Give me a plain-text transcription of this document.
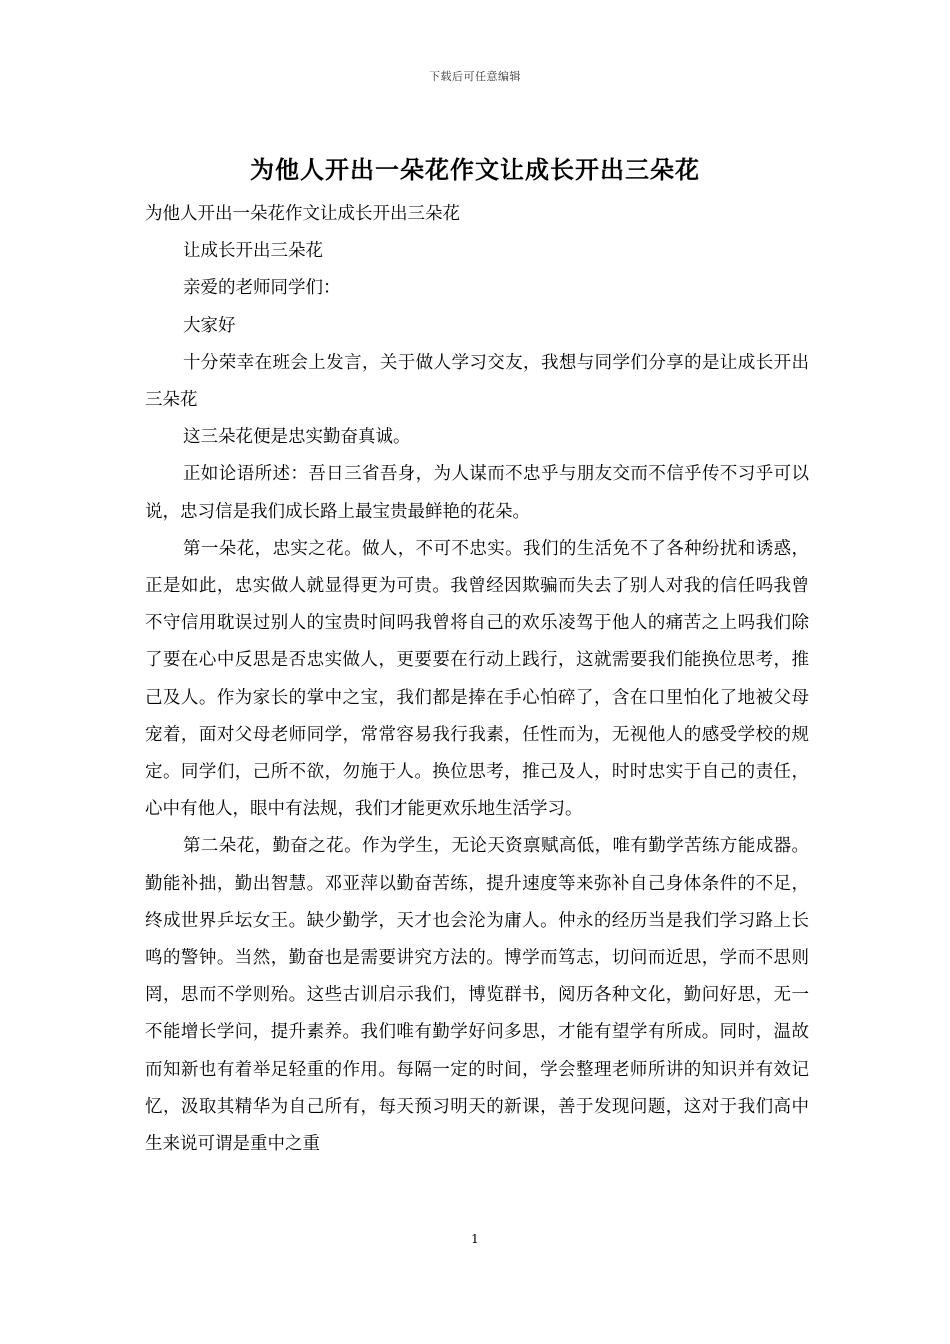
下载后可任意编辑
为他人开出一朵花作文让成长开出三朵花

为他人开出一朵花作文让成长开出三朵花

让成长开出三朵花

亲爱的老师同学们：

大家好

十分荣幸在班会上发言，关于做人学习交友，我想与同学们分享的是让成长开出三朵花

这三朵花便是忠实勤奋真诚。

正如论语所述：吾日三省吾身，为人谋而不忠乎与朋友交而不信乎传不习乎可以说，忠习信是我们成长路上最宝贵最鲜艳的花朵。

第一朵花，忠实之花。做人，不可不忠实。我们的生活免不了各种纷扰和诱惑，正是如此，忠实做人就显得更为可贵。我曾经因欺骗而失去了别人对我的信任吗我曾不守信用耽误过别人的宝贵时间吗我曾将自己的欢乐凌驾于他人的痛苦之上吗我们除了要在心中反思是否忠实做人，更要要在行动上践行，这就需要我们能换位思考，推己及人。作为家长的掌中之宝，我们都是捧在手心怕碎了，含在口里怕化了地被父母宠着，面对父母老师同学，常常容易我行我素，任性而为，无视他人的感受学校的规定。同学们，己所不欲，勿施于人。换位思考，推己及人，时时忠实于自己的责任，心中有他人，眼中有法规，我们才能更欢乐地生活学习。

第二朵花，勤奋之花。作为学生，无论天资禀赋高低，唯有勤学苦练方能成器。勤能补拙，勤出智慧。邓亚萍以勤奋苦练，提升速度等来弥补自己身体条件的不足，终成世界乒坛女王。缺少勤学，天才也会沦为庸人。仲永的经历当是我们学习路上长鸣的警钟。当然，勤奋也是需要讲究方法的。博学而笃志，切问而近思，学而不思则罔，思而不学则殆。这些古训启示我们，博览群书，阅历各种文化，勤问好思，无一不能增长学问，提升素养。我们唯有勤学好问多思，才能有望学有所成。同时，温故而知新也有着举足轻重的作用。每隔一定的时间，学会整理老师所讲的知识并有效记忆，汲取其精华为自己所有，每天预习明天的新课，善于发现问题，这对于我们高中生来说可谓是重中之重

1
